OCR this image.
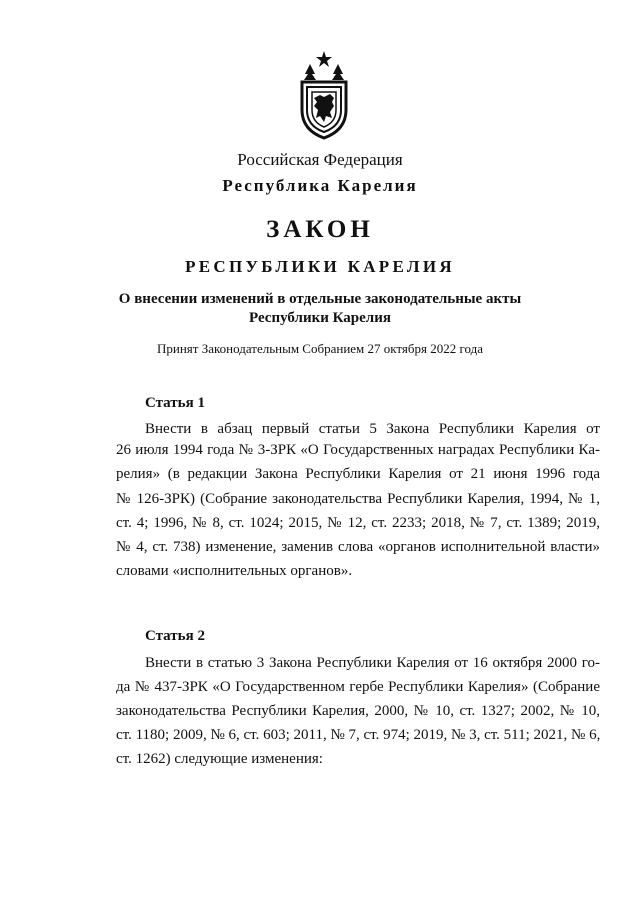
Российская Федерация
Республика Карелия
ЗАКОН
РЕСПУБЛИКИ КАРЕЛИЯ
О внесении изменений в отдельные законодательные акты
Республики Карелия
Принят Законодательным Собранием 27 октября 2022 года
Статья 1
Внести в абзац первый статьи 5 Закона Республики Карелия от
26 июля 1994 года № 3-ЗРК «О Государственных наградах Республики Ка-
релия» (в редакции Закона Республики Карелия от 21 июня 1996 года
№ 126-ЗРК) (Собрание законодательства Республики Карелия, 1994, № 1,
ст. 4; 1996, № 8, ст. 1024; 2015, № 12, ст. 2233; 2018, № 7, ст. 1389; 2019,
№ 4, ст. 738) изменение, заменив слова «органов исполнительной власти»
словами «исполнительных органов».
Статья 2
Внести в статью 3 Закона Республики Карелия от 16 октября 2000 го-
да № 437-ЗРК «О Государственном гербе Республики Карелия» (Собрание
законодательства Республики Карелия, 2000, № 10, ст. 1327; 2002, № 10,
ст. 1180; 2009, № 6, ст. 603; 2011, № 7, ст. 974; 2019, № 3, ст. 511; 2021, № 6,
ст. 1262) следующие изменения:
